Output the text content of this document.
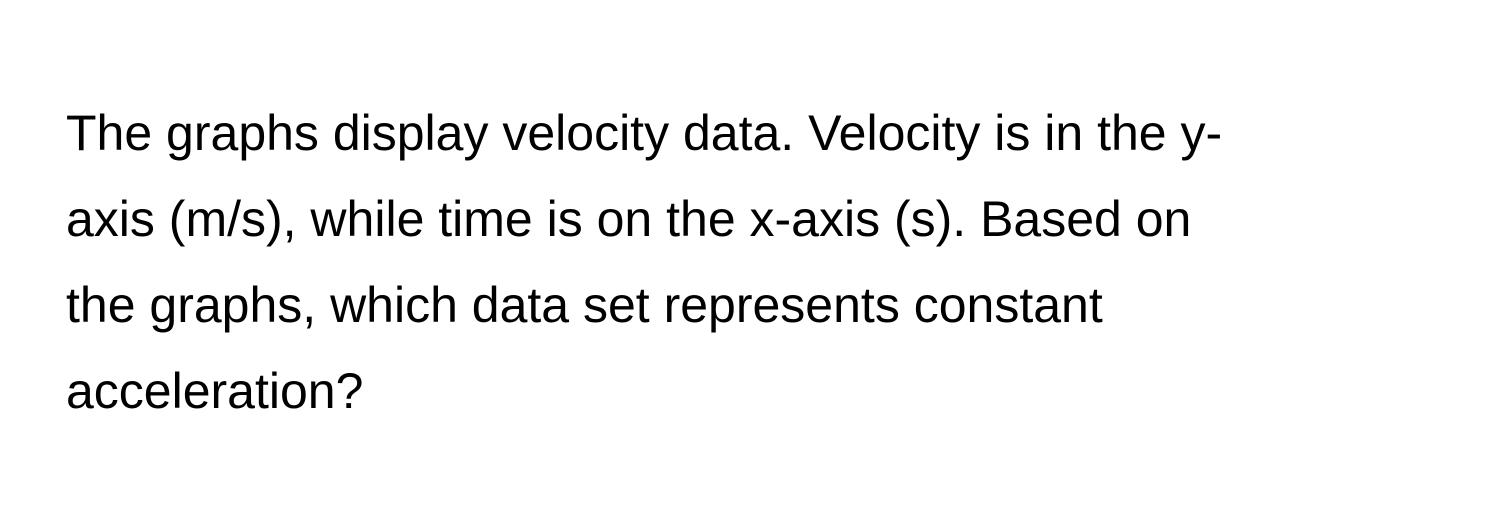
The graphs display velocity data. Velocity is in the y-
axis (m/s), while time is on the x-axis (s). Based on
the graphs, which data set represents constant
acceleration?
